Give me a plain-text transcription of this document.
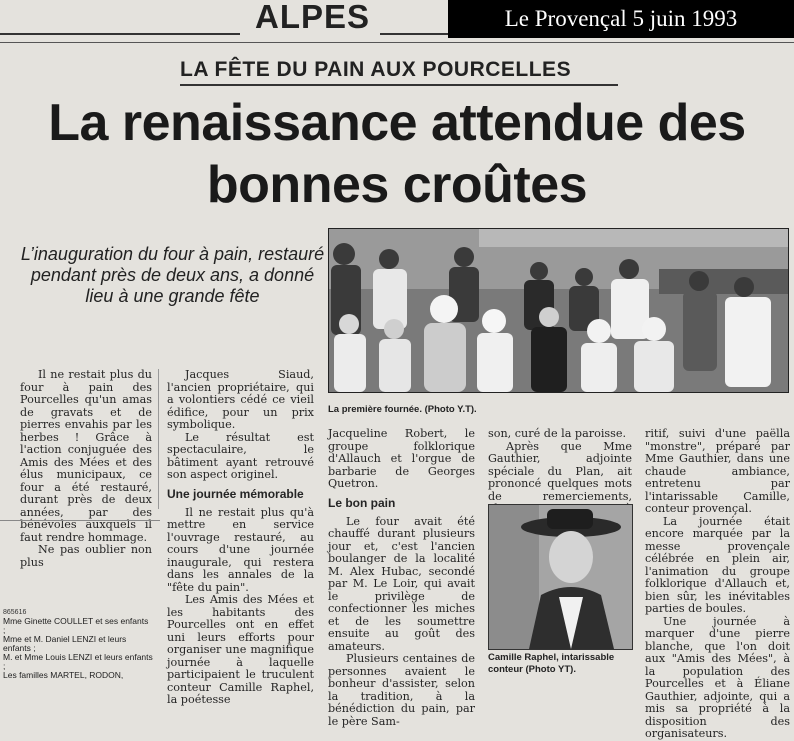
ALPES	Le Provençal 5 juin 1993
LA FÊTE DU PAIN AUX POURCELLES
La renaissance attendue des
bonnes croûtes
L’inauguration du four à pain, restauré pendant près de deux ans, a donné lieu à une grande fête
La première fournée. (Photo Y.T).

Il ne restait plus du four à pain des Pourcelles qu'un amas de gravats et de pierres envahis par les herbes ! Grâce à l'action conjuguée des Amis des Mées et des élus municipaux, ce four a été restauré, durant près de deux années, par des bénévoles auxquels il faut rendre hommage.

Ne pas oublier non plus

865616
Mme Ginette COULLET et ses enfants ;
Mme et M. Daniel LENZI et leurs enfants ;
M. et Mme Louis LENZI et leurs enfants ;
Les familles MARTEL, RODON,

Jacques Siaud, l'ancien propriétaire, qui a volontiers cédé ce vieil édifice, pour un prix symbolique.

Le résultat est spectaculaire, le bâtiment ayant retrouvé son aspect originel.

Une journée mémorable

Il ne restait plus qu'à mettre en service l'ouvrage restauré, au cours d'une journée inaugurale, qui restera dans les annales de la "fête du pain".

Les Amis des Mées et les habitants des Pourcelles ont en effet uni leurs efforts pour organiser une magnifique journée à laquelle participaient le truculent conteur Camille Raphel, la poétesse

Jacqueline Robert, le groupe folklorique d'Allauch et l'orgue de barbarie de Georges Quetron.

Le bon pain

Le four avait été chauffé durant plusieurs jour et, c'est l'ancien boulanger de la localité M. Alex Hubac, secondé par M. Le Loir, qui avait le privilège de confectionner les miches et de les soumettre ensuite au goût des amateurs.

Plusieurs centaines de personnes avaient le bonheur d'assister, selon la tradition, à la bénédiction du pain, par le père Sam-

son, curé de la paroisse.

Après que Mme Gauthier, adjointe spéciale du Plan, ait prononcé quelques mots de remerciements,

Camille Raphel, intarissable
conteur (Photo YT).

ritif, suivi d'une paëlla "monstre", préparé par Mme Gauthier, dans une chaude ambiance, entretenu par l'intarissable Camille, conteur provençal.

La journée était encore marquée par la messe provençale célébrée en plein air, l'animation du groupe folklorique d'Allauch et, bien sûr, les inévitables parties de boules.

Une journée à marquer d'une pierre blanche, que l'on doit aux "Amis des Mées", à la population des Pourcelles et à Éliane Gauthier, adjointe, qui a mis sa propriété à la disposition des organisateurs.
